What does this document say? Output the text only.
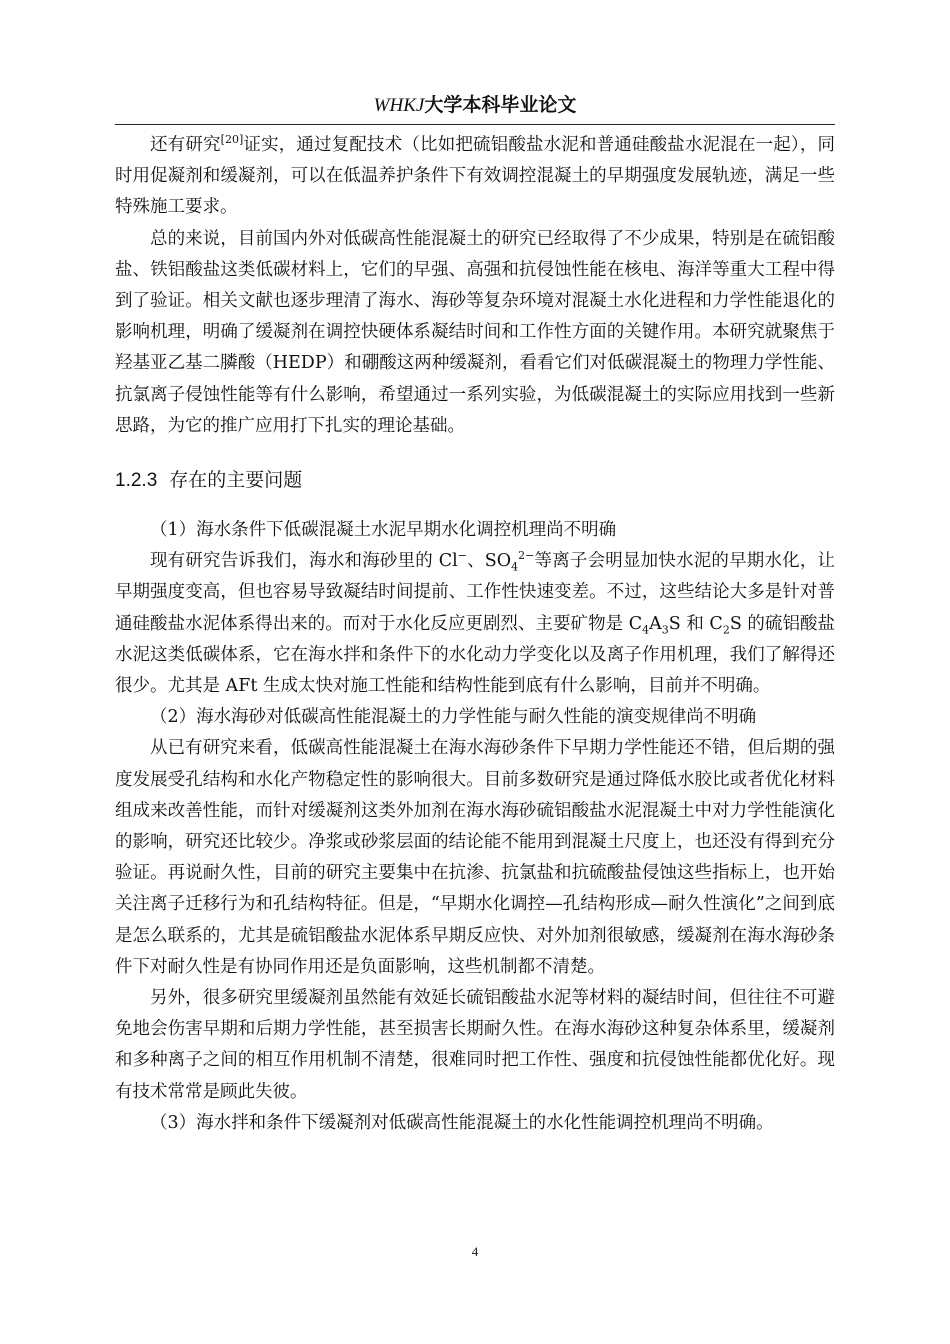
WHKJ大学本科毕业论文

还有研究[20]证实，通过复配技术（比如把硫铝酸盐水泥和普通硅酸盐水泥混在一起），同时用促凝剂和缓凝剂，可以在低温养护条件下有效调控混凝土的早期强度发展轨迹，满足一些特殊施工要求。

总的来说，目前国内外对低碳高性能混凝土的研究已经取得了不少成果，特别是在硫铝酸盐、铁铝酸盐这类低碳材料上，它们的早强、高强和抗侵蚀性能在核电、海洋等重大工程中得到了验证。相关文献也逐步理清了海水、海砂等复杂环境对混凝土水化进程和力学性能退化的影响机理，明确了缓凝剂在调控快硬体系凝结时间和工作性方面的关键作用。本研究就聚焦于羟基亚乙基二膦酸（HEDP）和硼酸这两种缓凝剂，看看它们对低碳混凝土的物理力学性能、抗氯离子侵蚀性能等有什么影响，希望通过一系列实验，为低碳混凝土的实际应用找到一些新思路，为它的推广应用打下扎实的理论基础。

1.2.3 存在的主要问题

（1）海水条件下低碳混凝土水泥早期水化调控机理尚不明确

现有研究告诉我们，海水和海砂里的 Cl−、$SO_4^{2-}$等离子会明显加快水泥的早期水化，让早期强度变高，但也容易导致凝结时间提前、工作性快速变差。不过，这些结论大多是针对普通硅酸盐水泥体系得出来的。而对于水化反应更剧烈、主要矿物是 $C_4A_3S$ 和 $C_2S$ 的硫铝酸盐水泥这类低碳体系，它在海水拌和条件下的水化动力学变化以及离子作用机理，我们了解得还很少。尤其是 AFt 生成太快对施工性能和结构性能到底有什么影响，目前并不明确。

（2）海水海砂对低碳高性能混凝土的力学性能与耐久性能的演变规律尚不明确

从已有研究来看，低碳高性能混凝土在海水海砂条件下早期力学性能还不错，但后期的强度发展受孔结构和水化产物稳定性的影响很大。目前多数研究是通过降低水胶比或者优化材料组成来改善性能，而针对缓凝剂这类外加剂在海水海砂硫铝酸盐水泥混凝土中对力学性能演化的影响，研究还比较少。净浆或砂浆层面的结论能不能用到混凝土尺度上，也还没有得到充分验证。再说耐久性，目前的研究主要集中在抗渗、抗氯盐和抗硫酸盐侵蚀这些指标上，也开始关注离子迁移行为和孔结构特征。但是，“早期水化调控—孔结构形成—耐久性演化”之间到底是怎么联系的，尤其是硫铝酸盐水泥体系早期反应快、对外加剂很敏感，缓凝剂在海水海砂条件下对耐久性是有协同作用还是负面影响，这些机制都不清楚。

另外，很多研究里缓凝剂虽然能有效延长硫铝酸盐水泥等材料的凝结时间，但往往不可避免地会伤害早期和后期力学性能，甚至损害长期耐久性。在海水海砂这种复杂体系里，缓凝剂和多种离子之间的相互作用机制不清楚，很难同时把工作性、强度和抗侵蚀性能都优化好。现有技术常常是顾此失彼。

（3）海水拌和条件下缓凝剂对低碳高性能混凝土的水化性能调控机理尚不明确。

4
